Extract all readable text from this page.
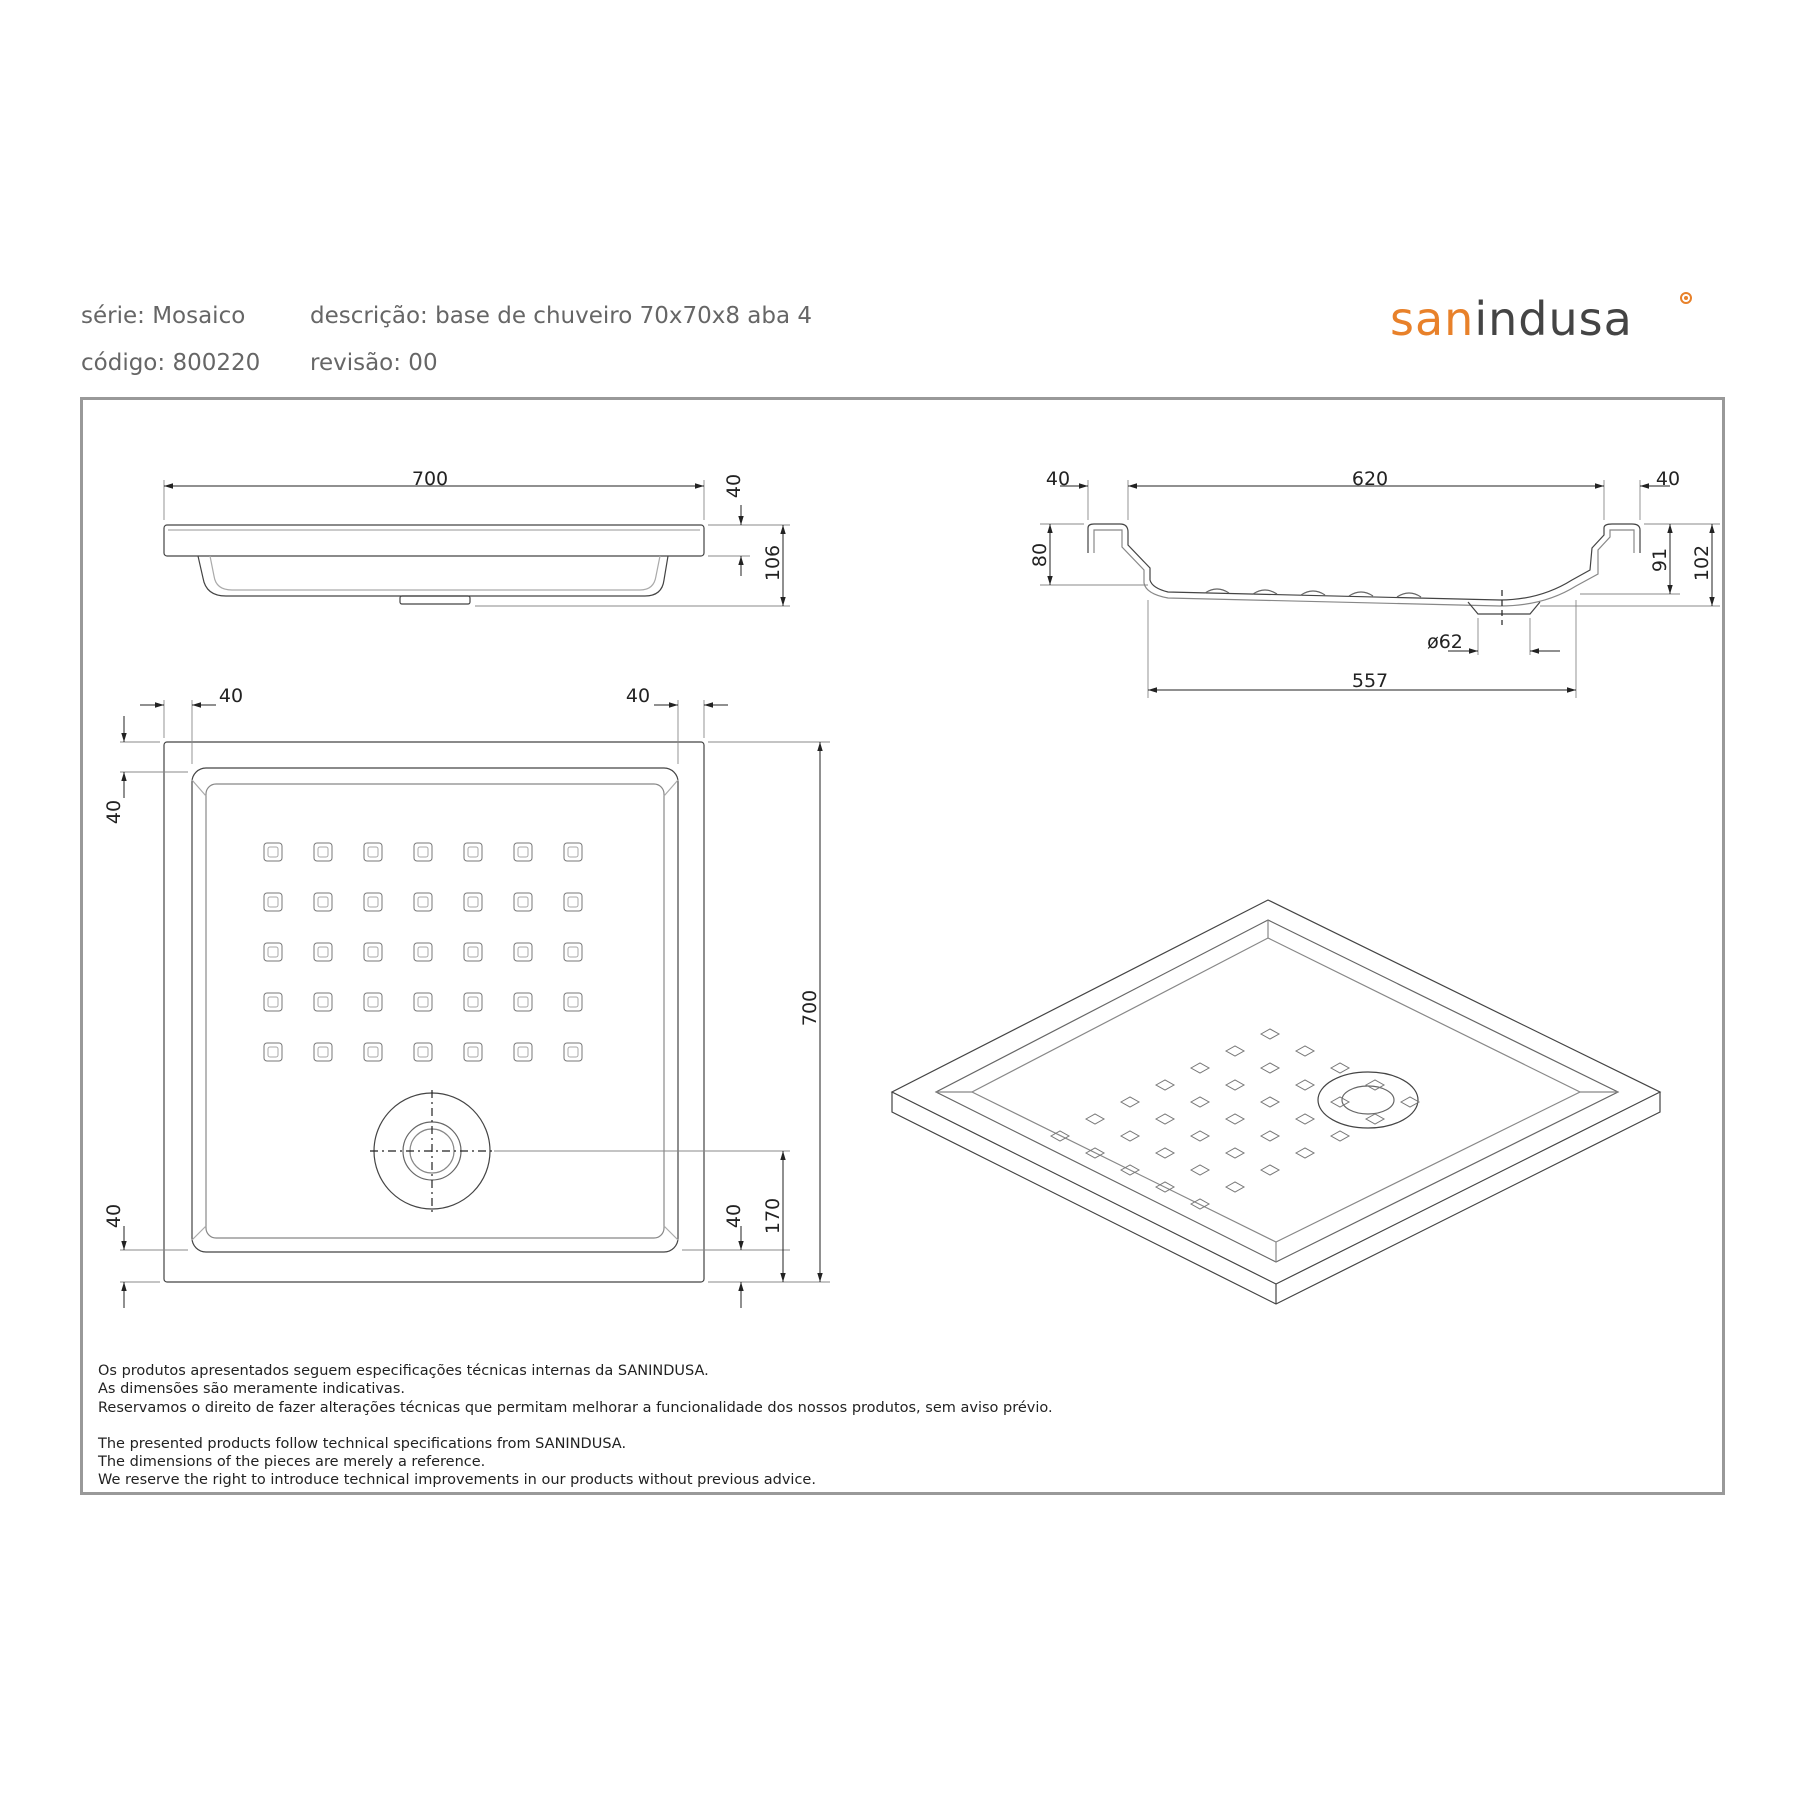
série: Mosaico
código: 800220
descrição: base de chuveiro 70x70x8 aba 4
revisão: 00
sanindusa
700	40
106
40	620	40
80	91 102
ø62
557
40	40
40
40	40 170
700
Os produtos apresentados seguem especificações técnicas internas da SANINDUSA.
As dimensões são meramente indicativas.
Reservamos o direito de fazer alterações técnicas que permitam melhorar a funcionalidade dos nossos produtos, sem aviso prévio.
The presented products follow technical specifications from SANINDUSA.
The dimensions of the pieces are merely a reference.
We reserve the right to introduce technical improvements in our products without previous advice.
